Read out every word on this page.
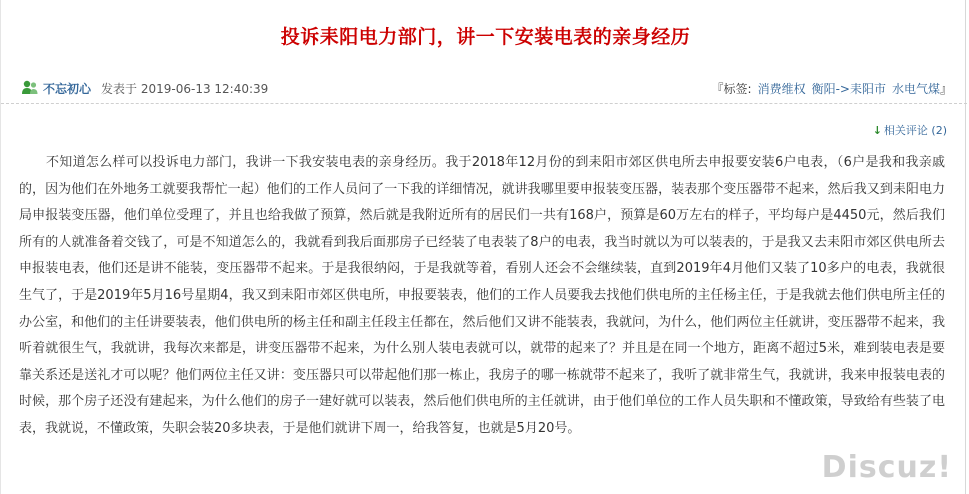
投诉耒阳电力部门，讲一下安装电表的亲身经历
不忘初心 发表于 2019-06-13 12:40:39	『标签: 消费维权 衡阳->耒阳市 水电气煤』
↓ 相关评论 (2)
不知道怎么样可以投诉电力部门，我讲一下我安装电表的亲身经历。我于2018年12月份的到耒阳市郊区供电所去申报要安装6户电表，（6户是我和我亲戚的，因为他们在外地务工就要我帮忙一起）他们的工作人员问了一下我的详细情况，就讲我哪里要申报装变压器，装表那个变压器带不起来，然后我又到耒阳电力局申报装变压器，他们单位受理了，并且也给我做了预算，然后就是我附近所有的居民们一共有168户，预算是60万左右的样子，平均每户是4450元，然后我们所有的人就准备着交钱了，可是不知道怎么的，我就看到我后面那房子已经装了电表装了8户的电表，我当时就以为可以装表的，于是我又去耒阳市郊区供电所去申报装电表，他们还是讲不能装，变压器带不起来。于是我很纳闷，于是我就等着，看别人还会不会继续装，直到2019年4月他们又装了10多户的电表，我就很生气了，于是2019年5月16号星期4，我又到耒阳市郊区供电所，申报要装表，他们的工作人员要我去找他们供电所的主任杨主任，于是我就去他们供电所主任的办公室，和他们的主任讲要装表，他们供电所的杨主任和副主任段主任都在，然后他们又讲不能装表，我就问，为什么，他们两位主任就讲，变压器带不起来，我听着就很生气，我就讲，我每次来都是，讲变压器带不起来，为什么别人装电表就可以，就带的起来了？并且是在同一个地方，距离不超过5米，难到装电表是要靠关系还是送礼才可以呢？他们两位主任又讲：变压器只可以带起他们那一栋止，我房子的哪一栋就带不起来了，我听了就非常生气，我就讲，我来申报装电表的时候，那个房子还没有建起来，为什么他们的房子一建好就可以装表，然后他们供电所的主任就讲，由于他们单位的工作人员失职和不懂政策，导致给有些装了电表，我就说，不懂政策，失职会装20多块表，于是他们就讲下周一，给我答复，也就是5月20号。
Discuz!
